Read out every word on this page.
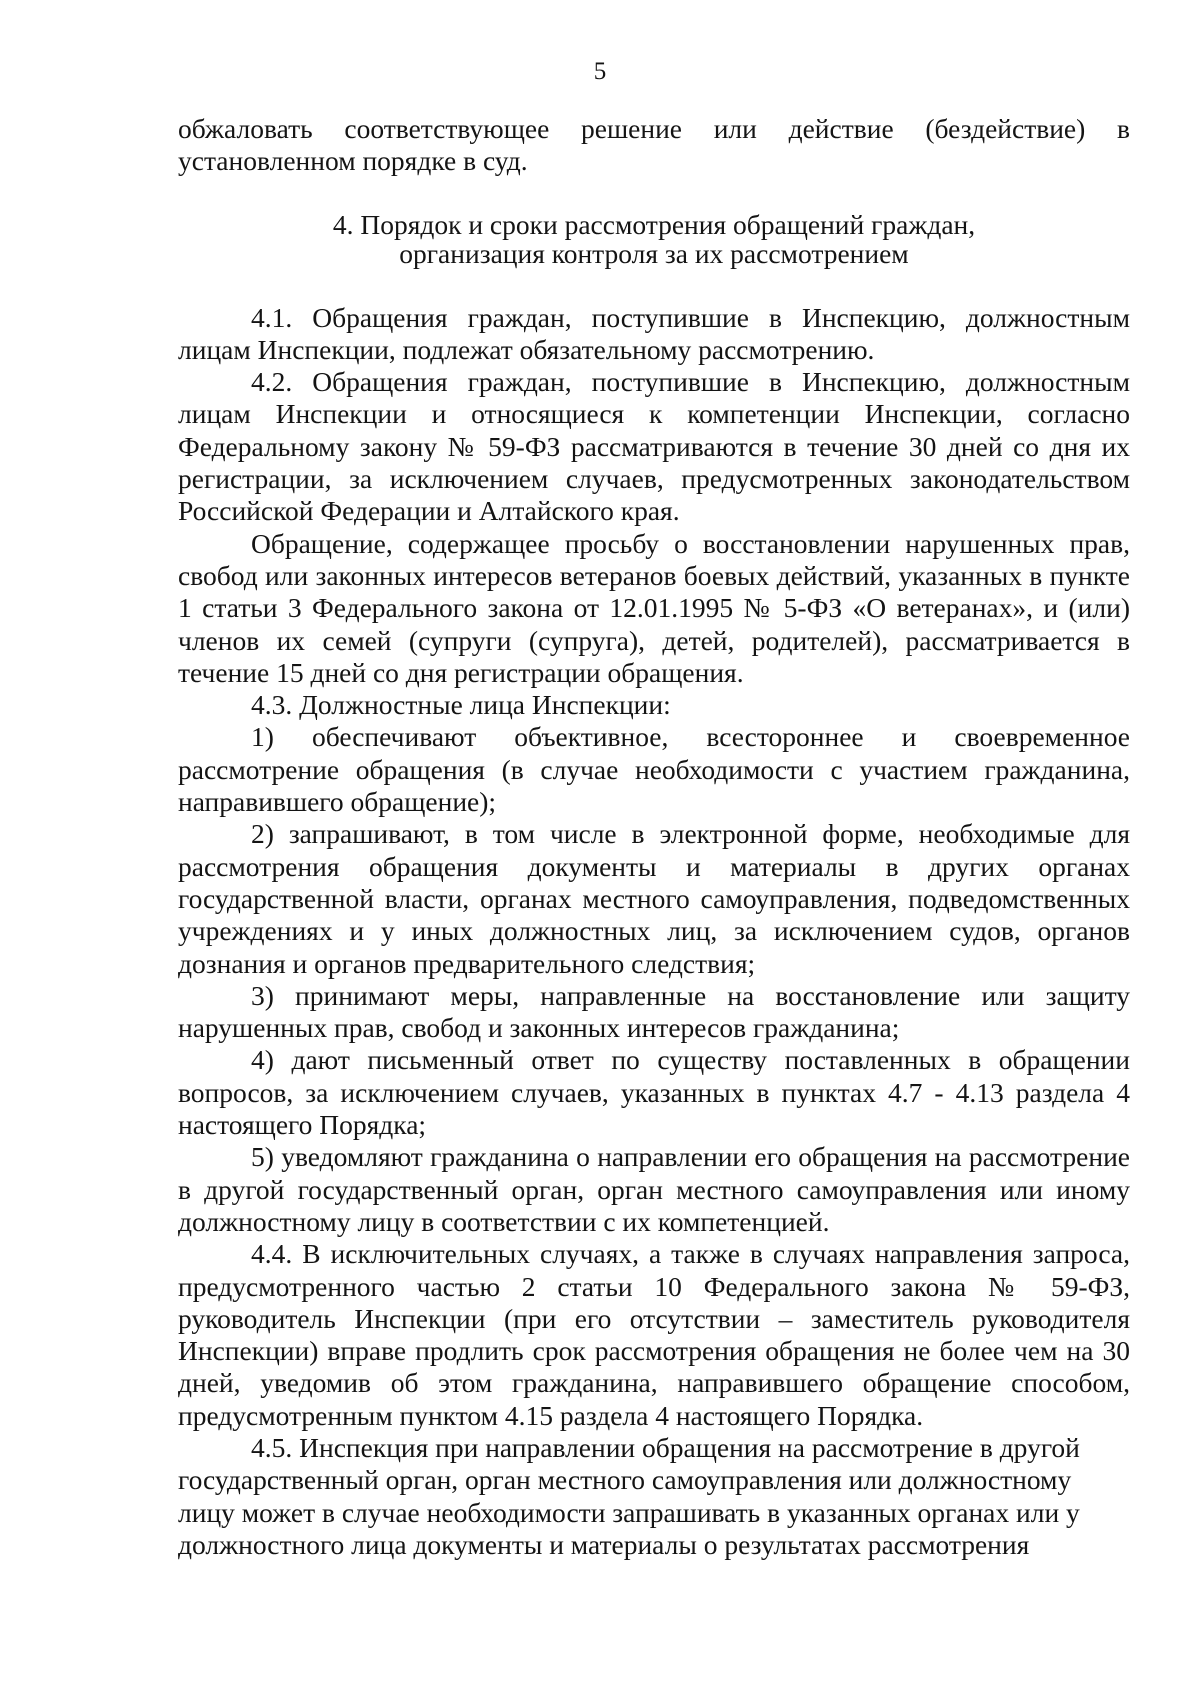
5

обжаловать соответствующее решение или действие (бездействие) в установленном порядке в суд.

4. Порядок и сроки рассмотрения обращений граждан,
организация контроля за их рассмотрением

4.1. Обращения граждан, поступившие в Инспекцию, должностным лицам Инспекции, подлежат обязательному рассмотрению.

4.2. Обращения граждан, поступившие в Инспекцию, должностным лицам Инспекции и относящиеся к компетенции Инспекции, согласно Федеральному закону № 59-ФЗ рассматриваются в течение 30 дней со дня их регистрации, за исключением случаев, предусмотренных законодательством Российской Федерации и Алтайского края.

Обращение, содержащее просьбу о восстановлении нарушенных прав, свобод или законных интересов ветеранов боевых действий, указанных в пункте 1 статьи 3 Федерального закона от 12.01.1995 № 5-ФЗ «О ветеранах», и (или) членов их семей (супруги (супруга), детей, родителей), рассматривается в течение 15 дней со дня регистрации обращения.

4.3. Должностные лица Инспекции:

1) обеспечивают объективное, всестороннее и своевременное рассмотрение обращения (в случае необходимости с участием гражданина, направившего обращение);

2) запрашивают, в том числе в электронной форме, необходимые для рассмотрения обращения документы и материалы в других органах государственной власти, органах местного самоуправления, подведомственных учреждениях и у иных должностных лиц, за исключением судов, органов дознания и органов предварительного следствия;

3) принимают меры, направленные на восстановление или защиту нарушенных прав, свобод и законных интересов гражданина;

4) дают письменный ответ по существу поставленных в обращении вопросов, за исключением случаев, указанных в пунктах 4.7 - 4.13 раздела 4 настоящего Порядка;

5) уведомляют гражданина о направлении его обращения на рассмотрение в другой государственный орган, орган местного самоуправления или иному должностному лицу в соответствии с их компетенцией.

4.4. В исключительных случаях, а также в случаях направления запроса, предусмотренного частью 2 статьи 10 Федерального закона № 59-ФЗ, руководитель Инспекции (при его отсутствии – заместитель руководителя Инспекции) вправе продлить срок рассмотрения обращения не более чем на 30 дней, уведомив об этом гражданина, направившего обращение способом, предусмотренным пунктом 4.15 раздела 4 настоящего Порядка.

4.5. Инспекция при направлении обращения на рассмотрение в другой государственный орган, орган местного самоуправления или должностному лицу может в случае необходимости запрашивать в указанных органах или у должностного лица документы и материалы о результатах рассмотрения
